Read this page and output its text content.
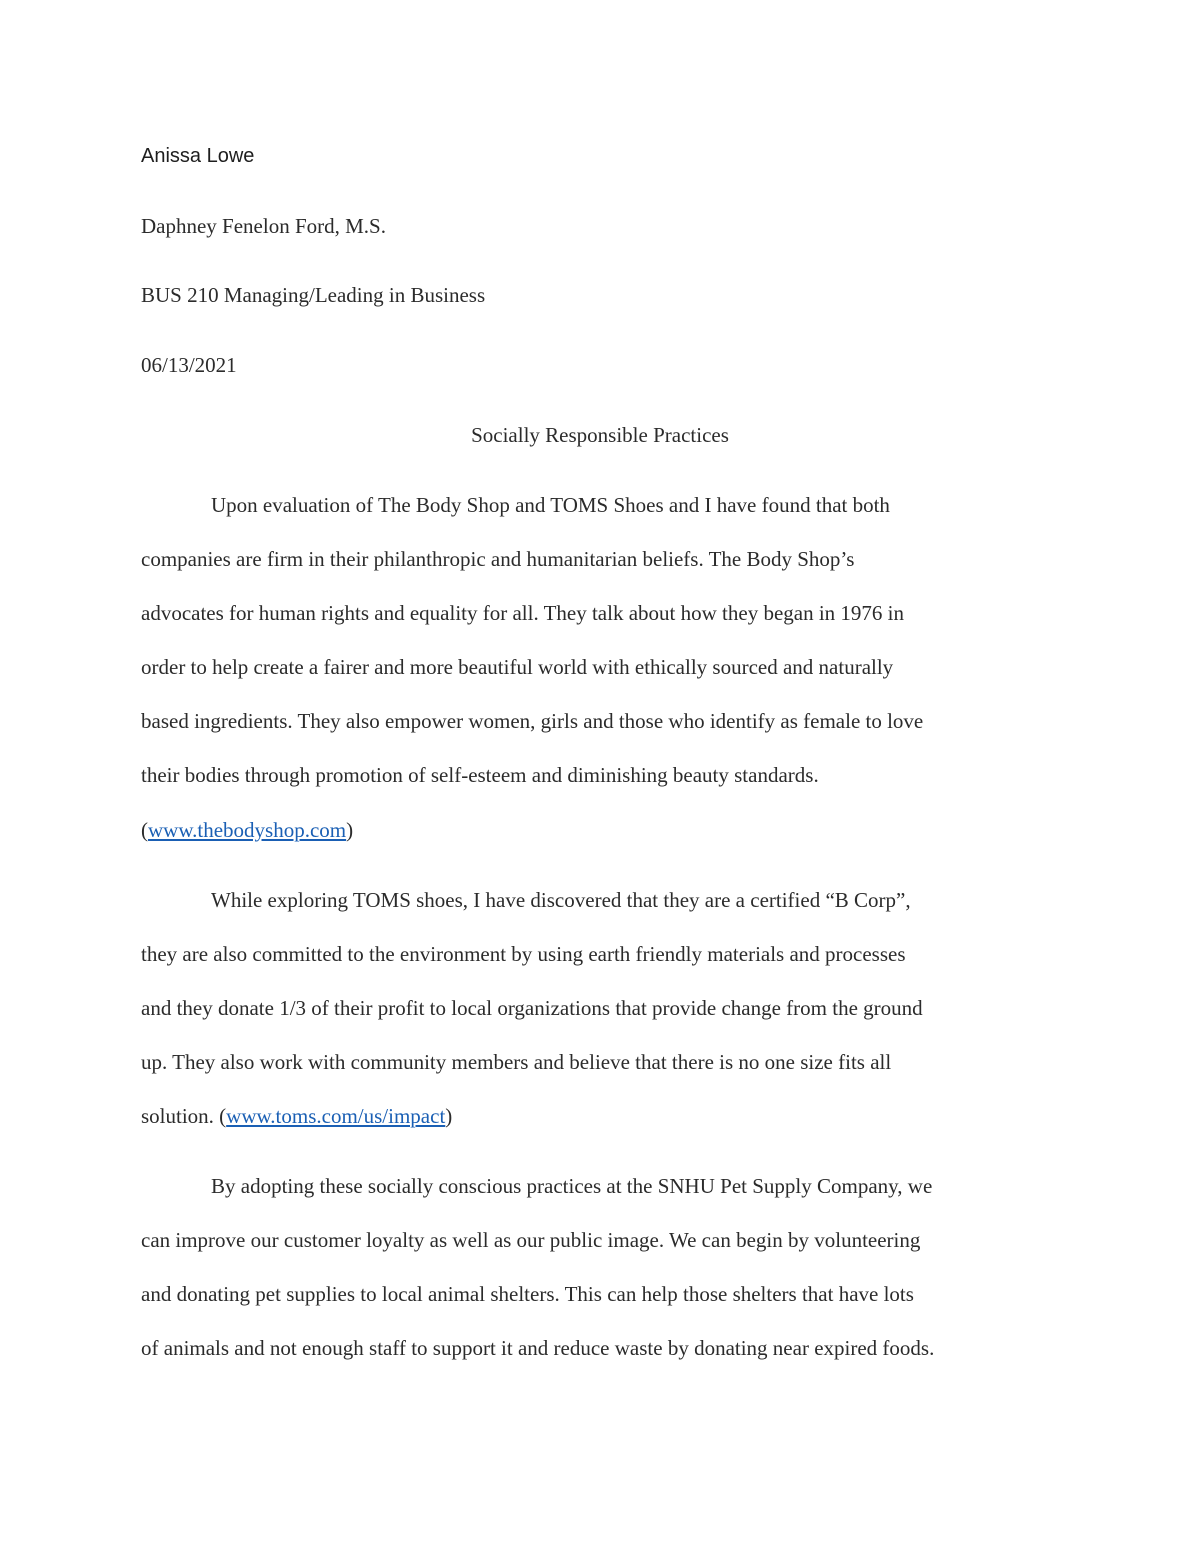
Anissa Lowe
Daphney Fenelon Ford, M.S.
BUS 210 Managing/Leading in Business
06/13/2021
Socially Responsible Practices
Upon evaluation of The Body Shop and TOMS Shoes and I have found that both
companies are firm in their philanthropic and humanitarian beliefs. The Body Shop’s
advocates for human rights and equality for all. They talk about how they began in 1976 in
order to help create a fairer and more beautiful world with ethically sourced and naturally
based ingredients. They also empower women, girls and those who identify as female to love
their bodies through promotion of self-esteem and diminishing beauty standards.
(www.thebodyshop.com)
While exploring TOMS shoes, I have discovered that they are a certified “B Corp”,
they are also committed to the environment by using earth friendly materials and processes
and they donate 1/3 of their profit to local organizations that provide change from the ground
up. They also work with community members and believe that there is no one size fits all
solution. (www.toms.com/us/impact)
By adopting these socially conscious practices at the SNHU Pet Supply Company, we
can improve our customer loyalty as well as our public image. We can begin by volunteering
and donating pet supplies to local animal shelters. This can help those shelters that have lots
of animals and not enough staff to support it and reduce waste by donating near expired foods.
